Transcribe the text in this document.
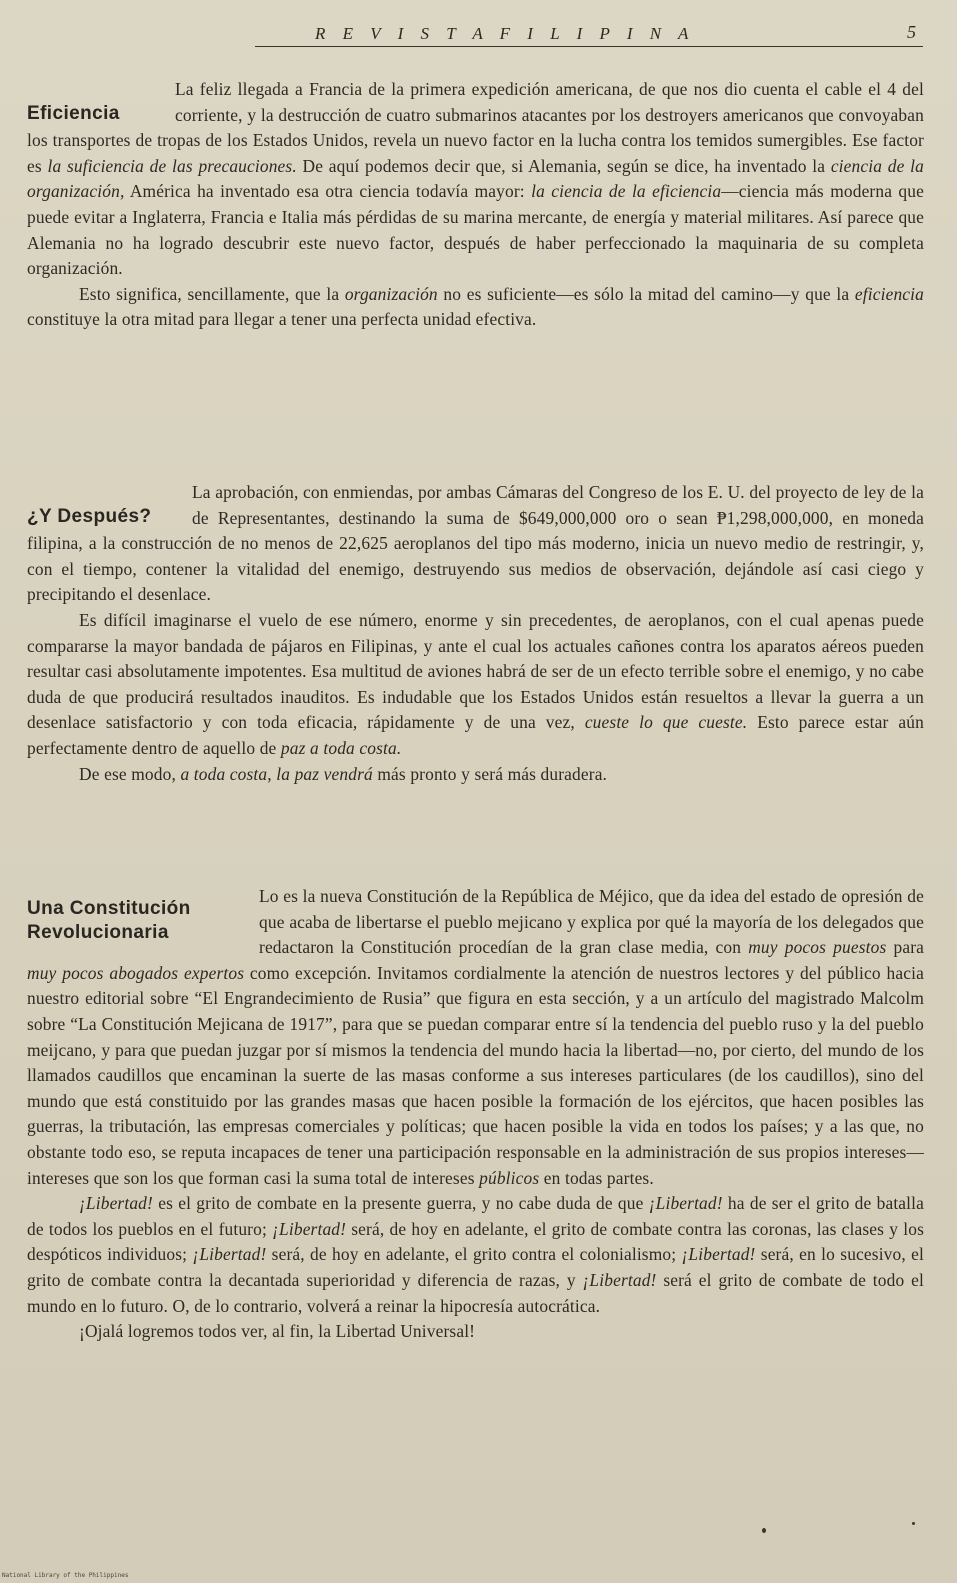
R E V I S T A F I L I P I N A	5
Eficiencia

La feliz llegada a Francia de la primera expedición americana, de que nos dio cuenta el cable el 4 del corriente, y la destrucción de cuatro submarinos atacantes por los destroyers americanos que convoyaban los transportes de tropas de los Estados Unidos, revela un nuevo factor en la lucha contra los temidos sumergibles. Ese factor es la suficiencia de las precauciones. De aquí podemos decir que, si Alemania, según se dice, ha inventado la ciencia de la organización, América ha inventado esa otra ciencia todavía mayor: la ciencia de la eficiencia—ciencia más moderna que puede evitar a Inglaterra, Francia e Italia más pérdidas de su marina mercante, de energía y material militares. Así parece que Alemania no ha logrado descubrir este nuevo factor, después de haber perfeccionado la maquinaria de su completa organización.

Esto significa, sencillamente, que la organización no es suficiente—es sólo la mitad del camino—y que la eficiencia constituye la otra mitad para llegar a tener una perfecta unidad efectiva.

¿Y Después?

La aprobación, con enmiendas, por ambas Cámaras del Congreso de los E. U. del proyecto de ley de la de Representantes, destinando la suma de $649,000,000 oro o sean ₱1,298,000,000, en moneda filipina, a la construcción de no menos de 22,625 aeroplanos del tipo más moderno, inicia un nuevo medio de restringir, y, con el tiempo, contener la vitalidad del enemigo, destruyendo sus medios de observación, dejándole así casi ciego y precipitando el desenlace.

Es difícil imaginarse el vuelo de ese número, enorme y sin precedentes, de aeroplanos, con el cual apenas puede compararse la mayor bandada de pájaros en Filipinas, y ante el cual los actuales cañones contra los aparatos aéreos pueden resultar casi absolutamente impotentes. Esa multitud de aviones habrá de ser de un efecto terrible sobre el enemigo, y no cabe duda de que producirá resultados inauditos. Es indudable que los Estados Unidos están resueltos a llevar la guerra a un desenlace satisfactorio y con toda eficacia, rápidamente y de una vez, cueste lo que cueste. Esto parece estar aún perfectamente dentro de aquello de paz a toda costa.

De ese modo, a toda costa, la paz vendrá más pronto y será más duradera.

Una Constitución Revolucionaria

Lo es la nueva Constitución de la República de Méjico, que da idea del estado de opresión de que acaba de libertarse el pueblo mejicano y explica por qué la mayoría de los delegados que redactaron la Constitución procedían de la gran clase media, con muy pocos puestos para muy pocos abogados expertos como excepción. Invitamos cordialmente la atención de nuestros lectores y del público hacia nuestro editorial sobre “El Engrandecimiento de Rusia” que figura en esta sección, y a un artículo del magistrado Malcolm sobre “La Constitución Mejicana de 1917”, para que se puedan comparar entre sí la tendencia del pueblo ruso y la del pueblo meijcano, y para que puedan juzgar por sí mismos la tendencia del mundo hacia la libertad—no, por cierto, del mundo de los llamados caudillos que encaminan la suerte de las masas conforme a sus intereses particulares (de los caudillos), sino del mundo que está constituido por las grandes masas que hacen posible la formación de los ejércitos, que hacen posibles las guerras, la tributación, las empresas comerciales y políticas; que hacen posible la vida en todos los países; y a las que, no obstante todo eso, se reputa incapaces de tener una participación responsable en la administración de sus propios intereses—intereses que son los que forman casi la suma total de intereses públicos en todas partes.

¡Libertad! es el grito de combate en la presente guerra, y no cabe duda de que ¡Libertad! ha de ser el grito de batalla de todos los pueblos en el futuro; ¡Libertad! será, de hoy en adelante, el grito de combate contra las coronas, las clases y los despóticos individuos; ¡Libertad! será, de hoy en adelante, el grito contra el colonialismo; ¡Libertad! será, en lo sucesivo, el grito de combate contra la decantada superioridad y diferencia de razas, y ¡Libertad! será el grito de combate de todo el mundo en lo futuro. O, de lo contrario, volverá a reinar la hipocresía autocrática.

¡Ojalá logremos todos ver, al fin, la Libertad Universal!

National Library of the Philippines
